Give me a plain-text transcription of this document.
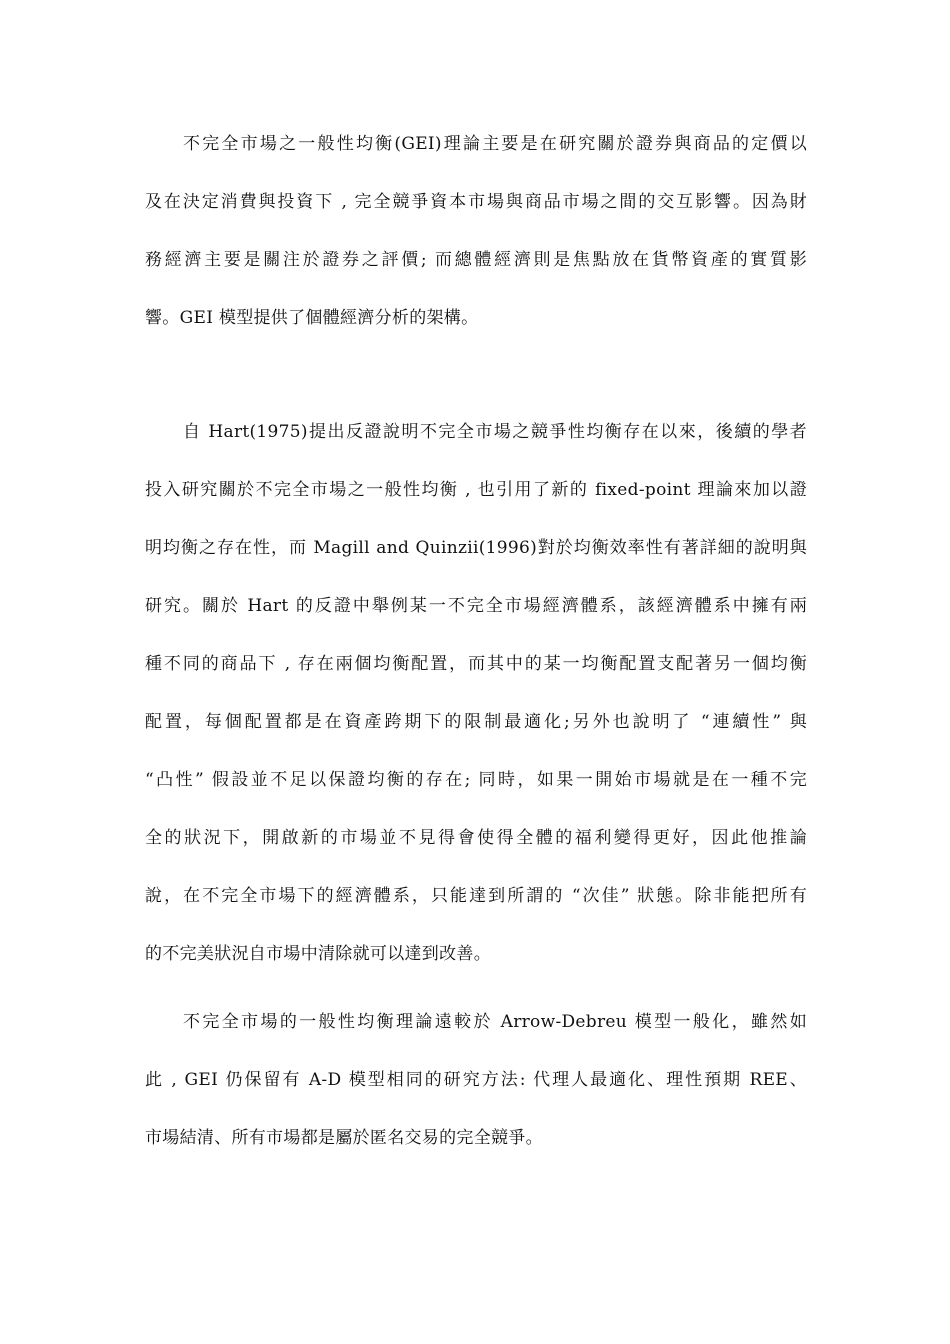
不完全市場之一般性均衡(GEI)理論主要是在研究關於證券與商品的定價以
及在決定消費與投資下 , 完全競爭資本市場與商品市場之間的交互影響。因為財
務經濟主要是關注於證券之評價; 而總體經濟則是焦點放在貨幣資產的實質影
響。GEI 模型提供了個體經濟分析的架構。
自 Hart(1975)提出反證說明不完全市場之競爭性均衡存在以來，後續的學者
投入研究關於不完全市場之一般性均衡 , 也引用了新的 fixed-point 理論來加以證
明均衡之存在性，而 Magill and Quinzii(1996)對於均衡效率性有著詳細的說明與
研究。關於 Hart 的反證中舉例某一不完全市場經濟體系，該經濟體系中擁有兩
種不同的商品下 , 存在兩個均衡配置，而其中的某一均衡配置支配著另一個均衡
配置，每個配置都是在資產跨期下的限制最適化;另外也說明了 “連續性” 與
“凸性” 假設並不足以保證均衡的存在; 同時，如果一開始市場就是在一種不完
全的狀況下，開啟新的市場並不見得會使得全體的福利變得更好，因此他推論
說，在不完全市場下的經濟體系，只能達到所謂的 “次佳” 狀態。除非能把所有
的不完美狀況自市場中清除就可以達到改善。
不完全市場的一般性均衡理論遠較於 Arrow-Debreu 模型一般化，雖然如
此 , GEI 仍保留有 A-D 模型相同的研究方法: 代理人最適化、理性預期 REE、
市場結清、所有市場都是屬於匿名交易的完全競爭。
